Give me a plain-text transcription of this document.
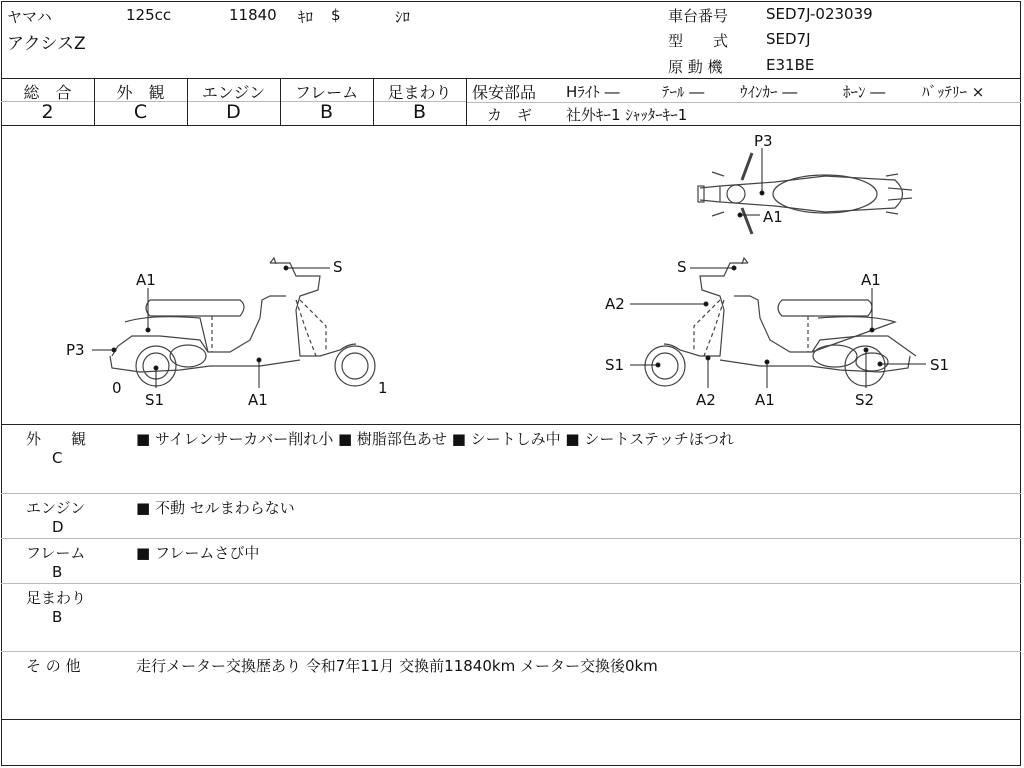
ヤマハ	125cc	11840 ｷﾛ $	ｼﾛ
アクシスZ
車台番号	SED7J-023039
型　　式	SED7J
原 動 機	E31BE
総　合	外　観	エンジン	フレーム	足まわり
2	C	D	B	B
保安部品 Hﾗｲﾄ ―	ﾃｰﾙ ― ｳｲﾝｶｰ ―	ﾎｰﾝ ― ﾊﾞｯﾃﾘｰ ×
カ　ギ 社外ｷｰ1 ｼｬｯﾀｰｷｰ1
P3
A1
S
A1
P3
0
S1	A1
1
S
A1
A2
S1
A2	A1
S1
S2
外　　観
C
■ サイレンサーカバー削れ小 ■ 樹脂部色あせ ■ シートしみ中 ■ シートステッチほつれ
エンジン
D
■ 不動 セルまわらない
フレーム
B
■ フレームさび中
足まわり
B
そ の 他	走行メーター交換歴あり 令和7年11月 交換前11840km メーター交換後0km
